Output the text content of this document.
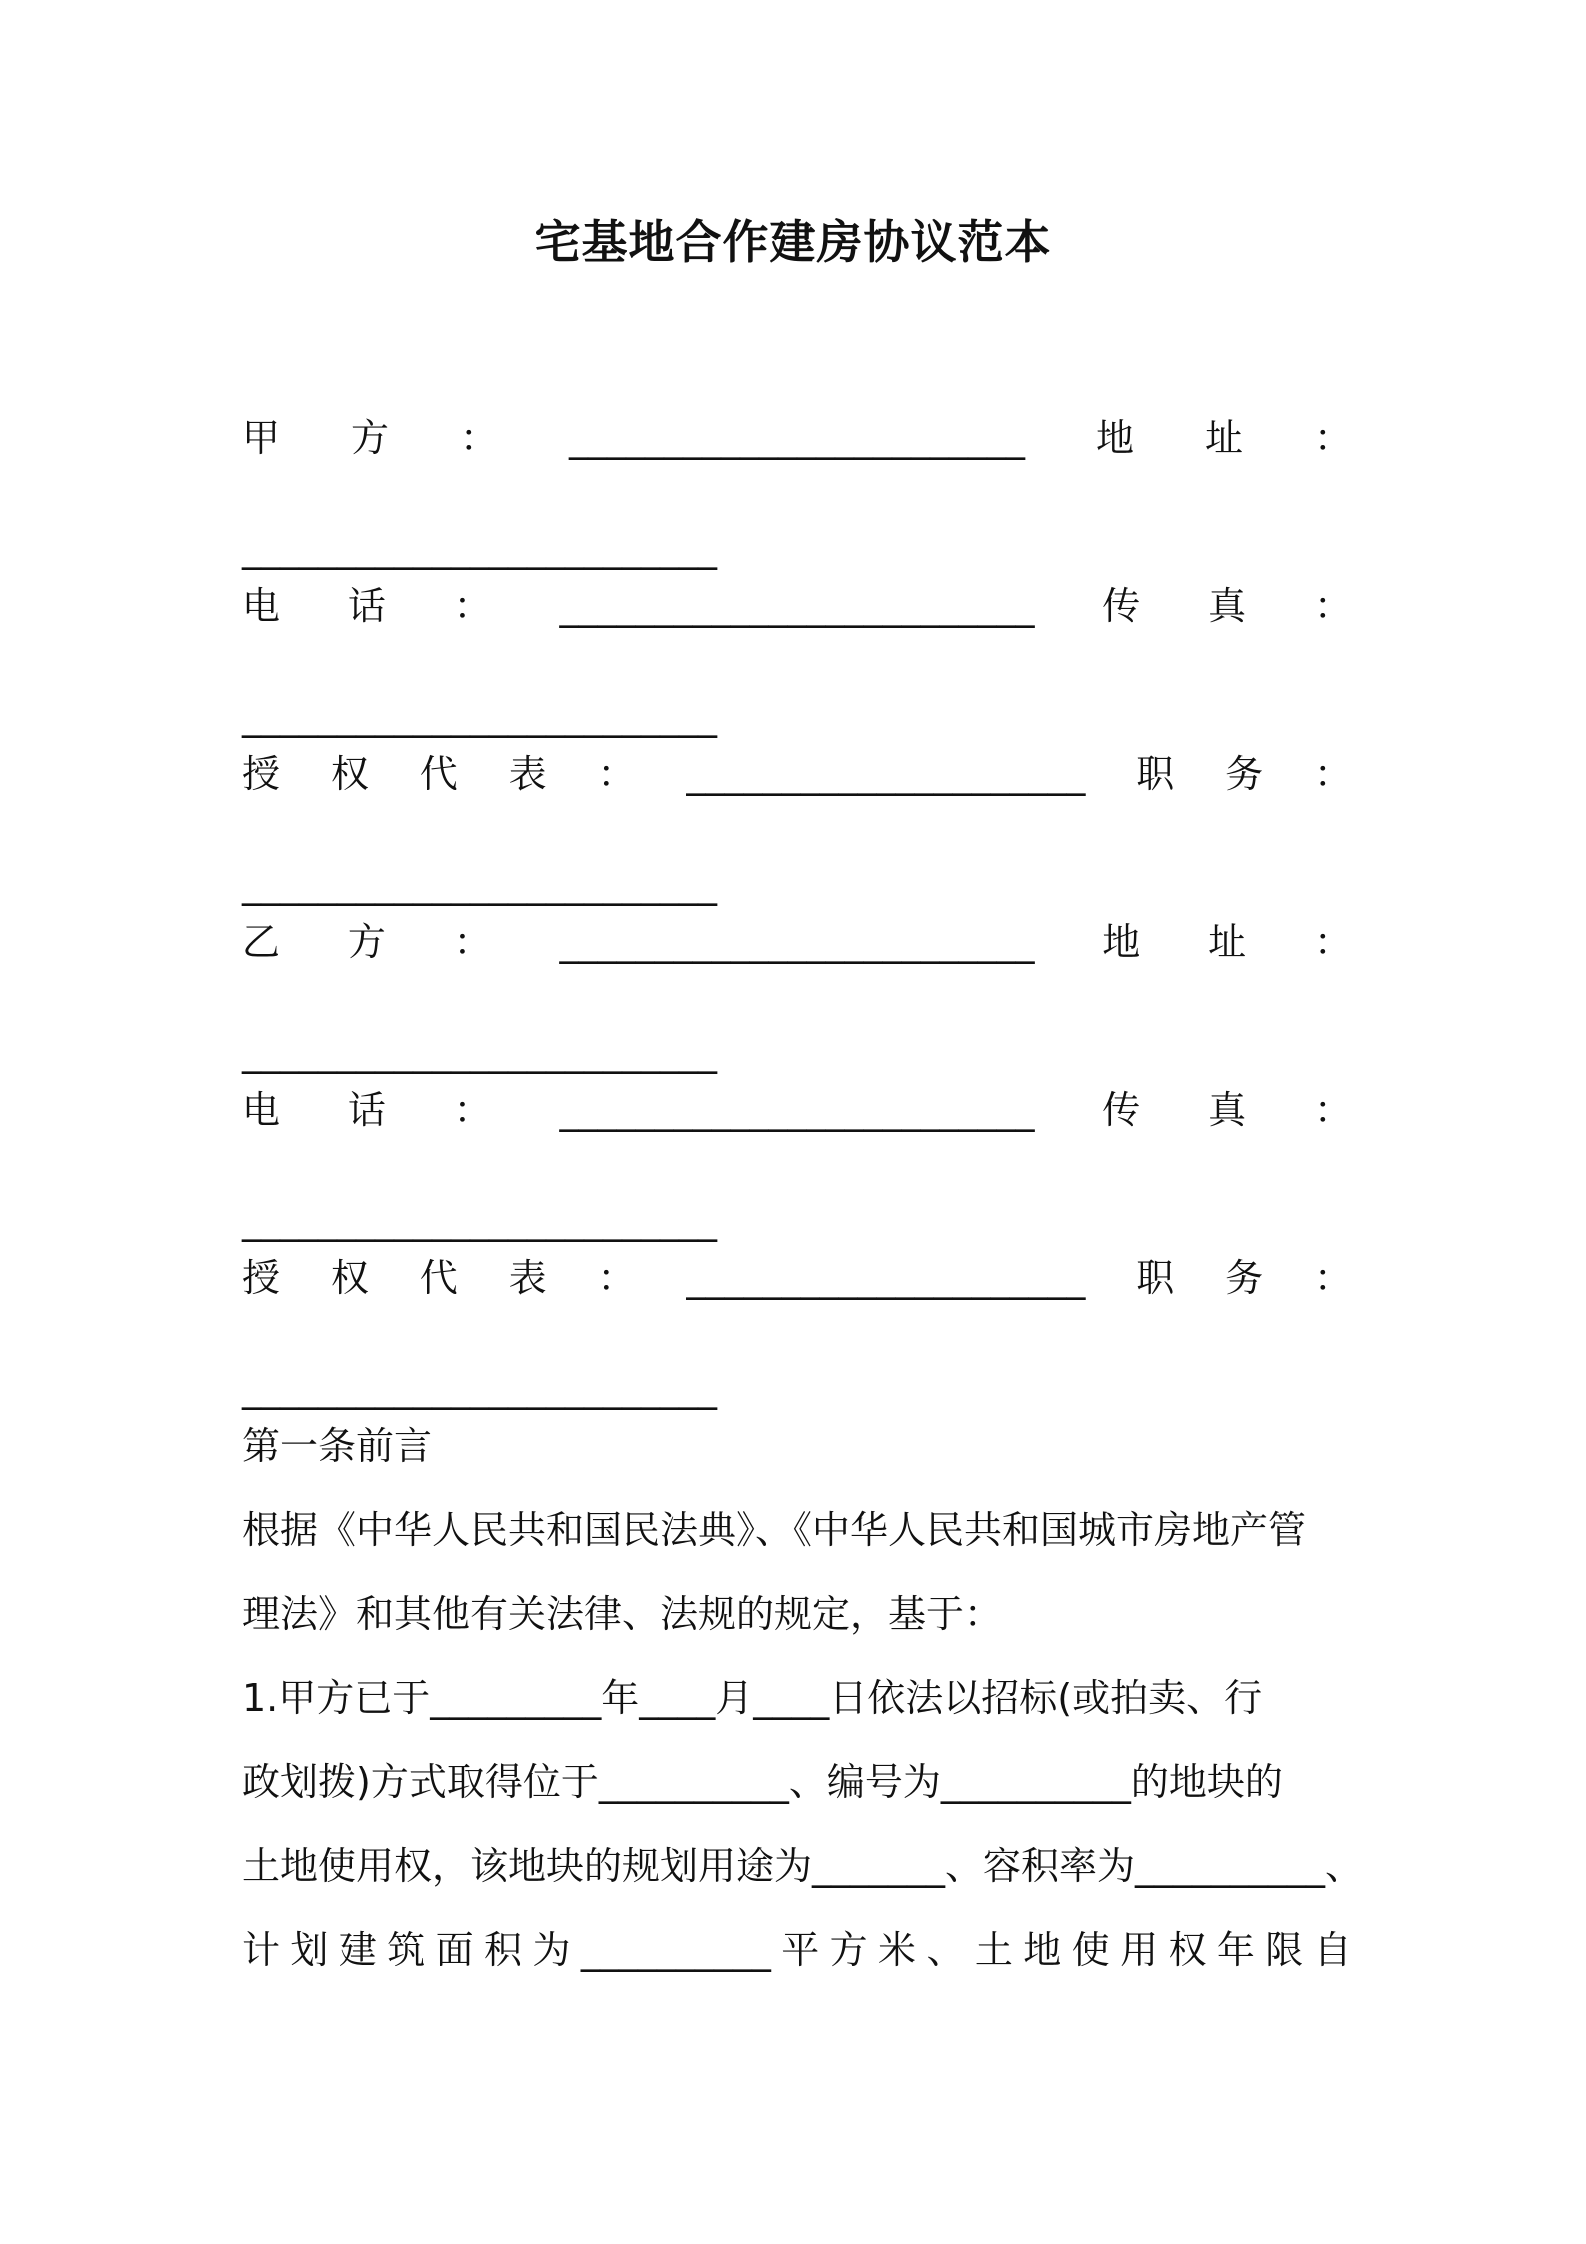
宅基地合作建房协议范本
甲 方 ： ________________________ 地 址 ：
_________________________
电 话 ： _________________________ 传 真 ：
_________________________
授 权 代 表 ： _____________________ 职 务 ：
_________________________
乙 方 ： _________________________ 地 址 ：
_________________________
电 话 ： _________________________ 传 真 ：
_________________________
授 权 代 表 ： _____________________ 职 务 ：
_________________________
第一条前言
根据《中华人民共和国民法典》、《中华人民共和国城市房地产管
理法》和其他有关法律、法规的规定，基于：
1.甲方已于_________年____月____日依法以招标(或拍卖、行
政划拨)方式取得位于__________、编号为__________的地块的
土地使用权，该地块的规划用途为_______、容积率为__________、
计 划 建 筑 面 积 为 __________ 平 方 米 、 土 地 使 用 权 年 限 自
